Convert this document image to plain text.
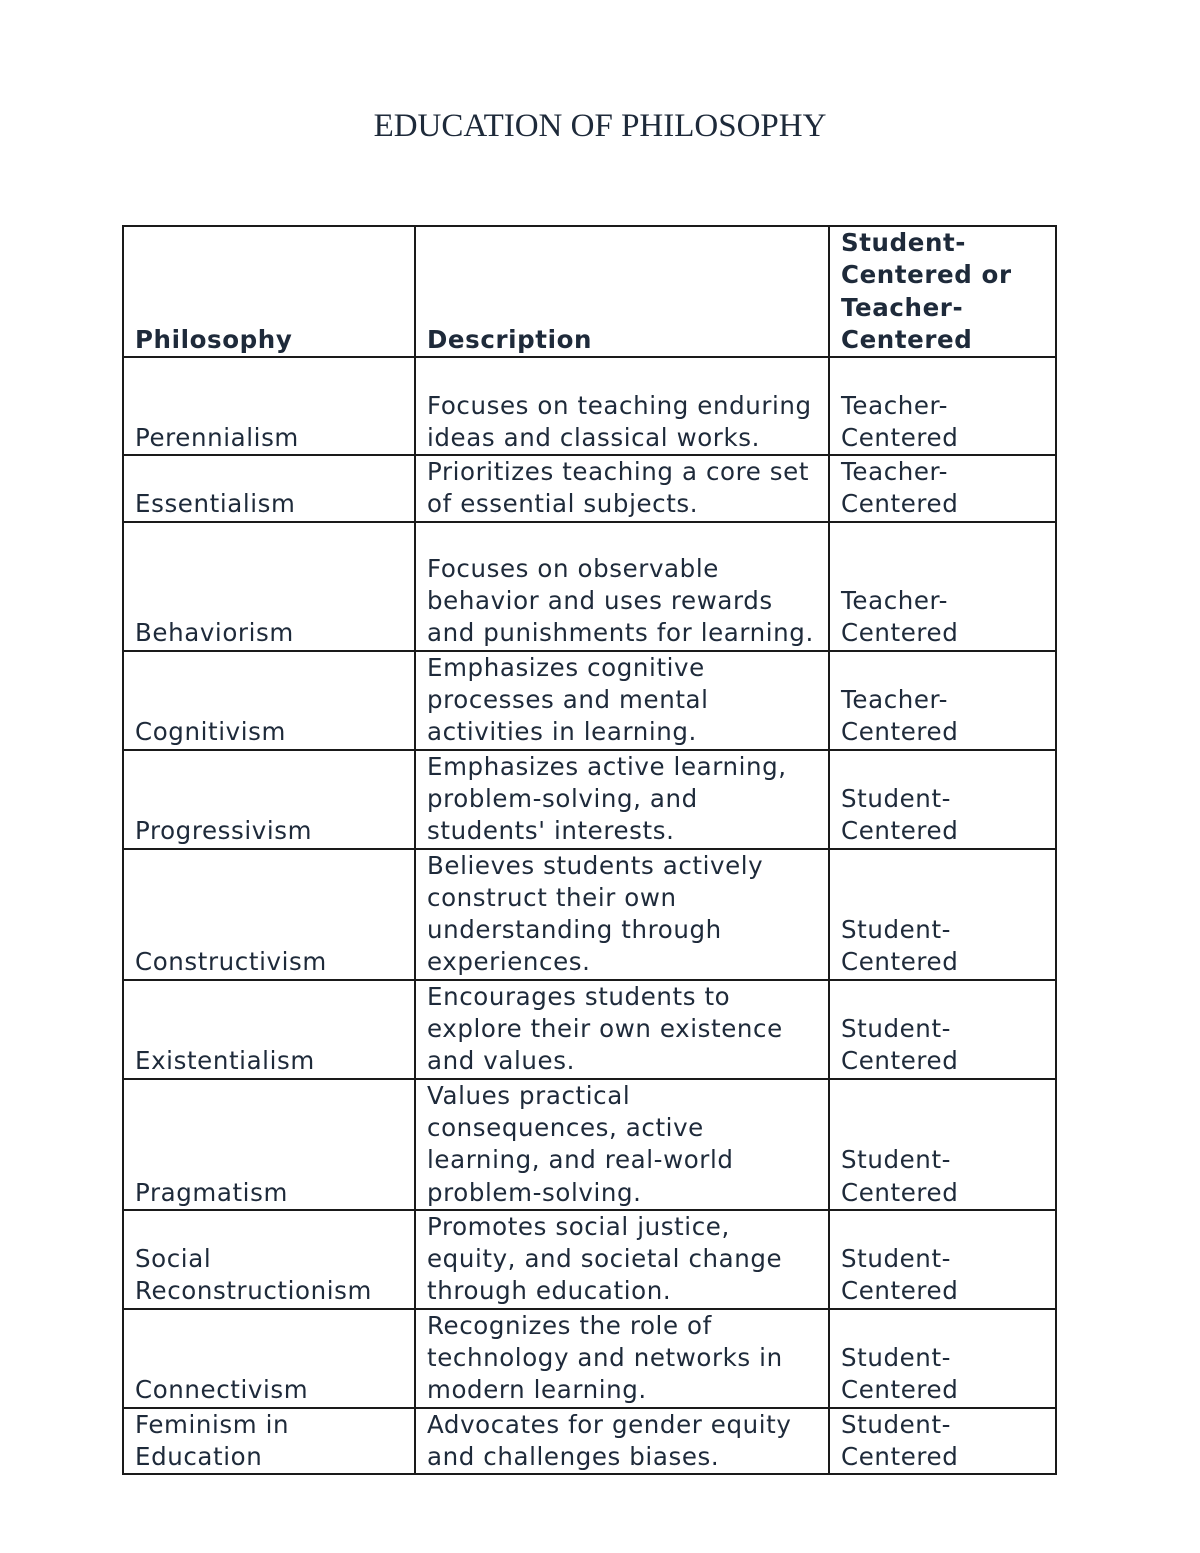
EDUCATION OF PHILOSOPHY
Philosophy	Description	Student-Centered or Teacher-Centered
Perennialism	Focuses on teaching enduring ideas and classical works.	Teacher-Centered
Essentialism	Prioritizes teaching a core set of essential subjects.	Teacher-Centered
Behaviorism	Focuses on observable behavior and uses rewards and punishments for learning.	Teacher-Centered
Cognitivism	Emphasizes cognitive processes and mental activities in learning.	Teacher-Centered
Progressivism	Emphasizes active learning, problem-solving, and students' interests.	Student-Centered
Constructivism	Believes students actively construct their own understanding through experiences.	Student-Centered
Existentialism	Encourages students to explore their own existence and values.	Student-Centered
Pragmatism	Values practical consequences, active learning, and real-world problem-solving.	Student-Centered
Social Reconstructionism	Promotes social justice, equity, and societal change through education.	Student-Centered
Connectivism	Recognizes the role of technology and networks in modern learning.	Student-Centered
Feminism in Education	Advocates for gender equity and challenges biases.	Student-Centered
